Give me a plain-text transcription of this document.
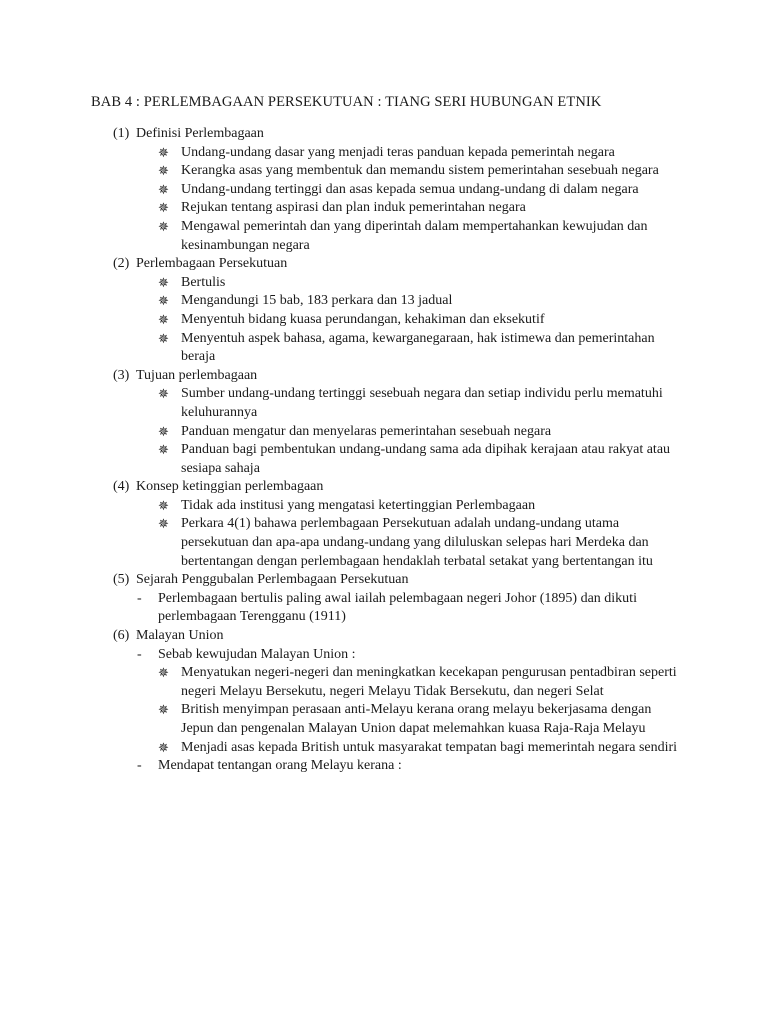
BAB 4 : PERLEMBAGAAN PERSEKUTUAN : TIANG SERI HUBUNGAN ETNIK
(1) Definisi Perlembagaan
✵ Undang-undang dasar yang menjadi teras panduan kepada pemerintah negara
✵ Kerangka asas yang membentuk dan memandu sistem pemerintahan sesebuah negara
✵ Undang-undang tertinggi dan asas kepada semua undang-undang di dalam negara
✵ Rejukan tentang aspirasi dan plan induk pemerintahan negara
✵ Mengawal pemerintah dan yang diperintah dalam mempertahankan kewujudan dan kesinambungan negara
(2) Perlembagaan Persekutuan
✵ Bertulis
✵ Mengandungi 15 bab, 183 perkara dan 13 jadual
✵ Menyentuh bidang kuasa perundangan, kehakiman dan eksekutif
✵ Menyentuh aspek bahasa, agama, kewarganegaraan, hak istimewa dan pemerintahan beraja
(3) Tujuan perlembagaan
✵ Sumber undang-undang tertinggi sesebuah negara dan setiap individu perlu mematuhi keluhurannya
✵ Panduan mengatur dan menyelaras pemerintahan sesebuah negara
✵ Panduan bagi pembentukan undang-undang sama ada dipihak kerajaan atau rakyat atau sesiapa sahaja
(4) Konsep ketinggian perlembagaan
✵ Tidak ada institusi yang mengatasi ketertinggian Perlembagaan
✵ Perkara 4(1) bahawa perlembagaan Persekutuan adalah undang-undang utama persekutuan dan apa-apa undang-undang yang diluluskan selepas hari Merdeka dan bertentangan dengan perlembagaan hendaklah terbatal setakat yang bertentangan itu
(5) Sejarah Penggubalan Perlembagaan Persekutuan
- Perlembagaan bertulis paling awal iailah pelembagaan negeri Johor (1895) dan dikuti perlembagaan Terengganu (1911)
(6) Malayan Union
- Sebab kewujudan Malayan Union :
✵ Menyatukan negeri-negeri dan meningkatkan kecekapan pengurusan pentadbiran seperti negeri Melayu Bersekutu, negeri Melayu Tidak Bersekutu, dan negeri Selat
✵ British menyimpan perasaan anti-Melayu kerana orang melayu bekerjasama dengan Jepun dan pengenalan Malayan Union dapat melemahkan kuasa Raja-Raja Melayu
✵ Menjadi asas kepada British untuk masyarakat tempatan bagi memerintah negara sendiri
- Mendapat tentangan orang Melayu kerana :
